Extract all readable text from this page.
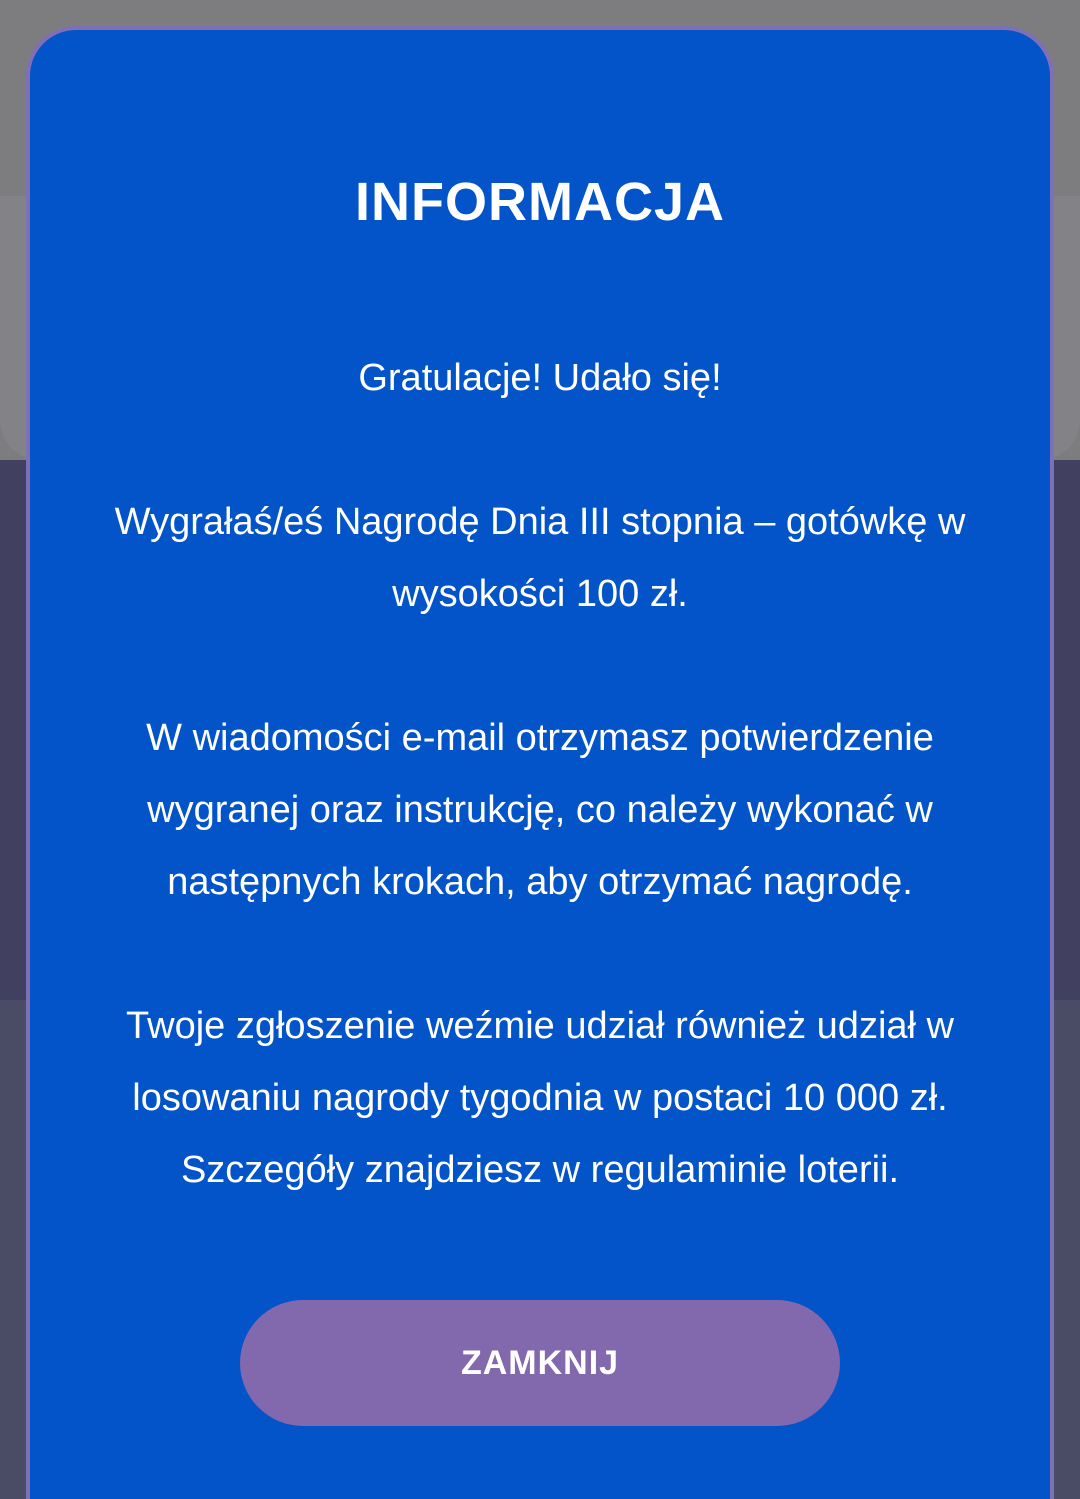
INFORMACJA

Gratulacje! Udało się!

Wygrałaś/eś Nagrodę Dnia III stopnia – gotówkę w wysokości 100 zł.

W wiadomości e-mail otrzymasz potwierdzenie wygranej oraz instrukcję, co należy wykonać w następnych krokach, aby otrzymać nagrodę.

Twoje zgłoszenie weźmie udział również udział w losowaniu nagrody tygodnia w postaci 10 000 zł. Szczegóły znajdziesz w regulaminie loterii.

ZAMKNIJ
